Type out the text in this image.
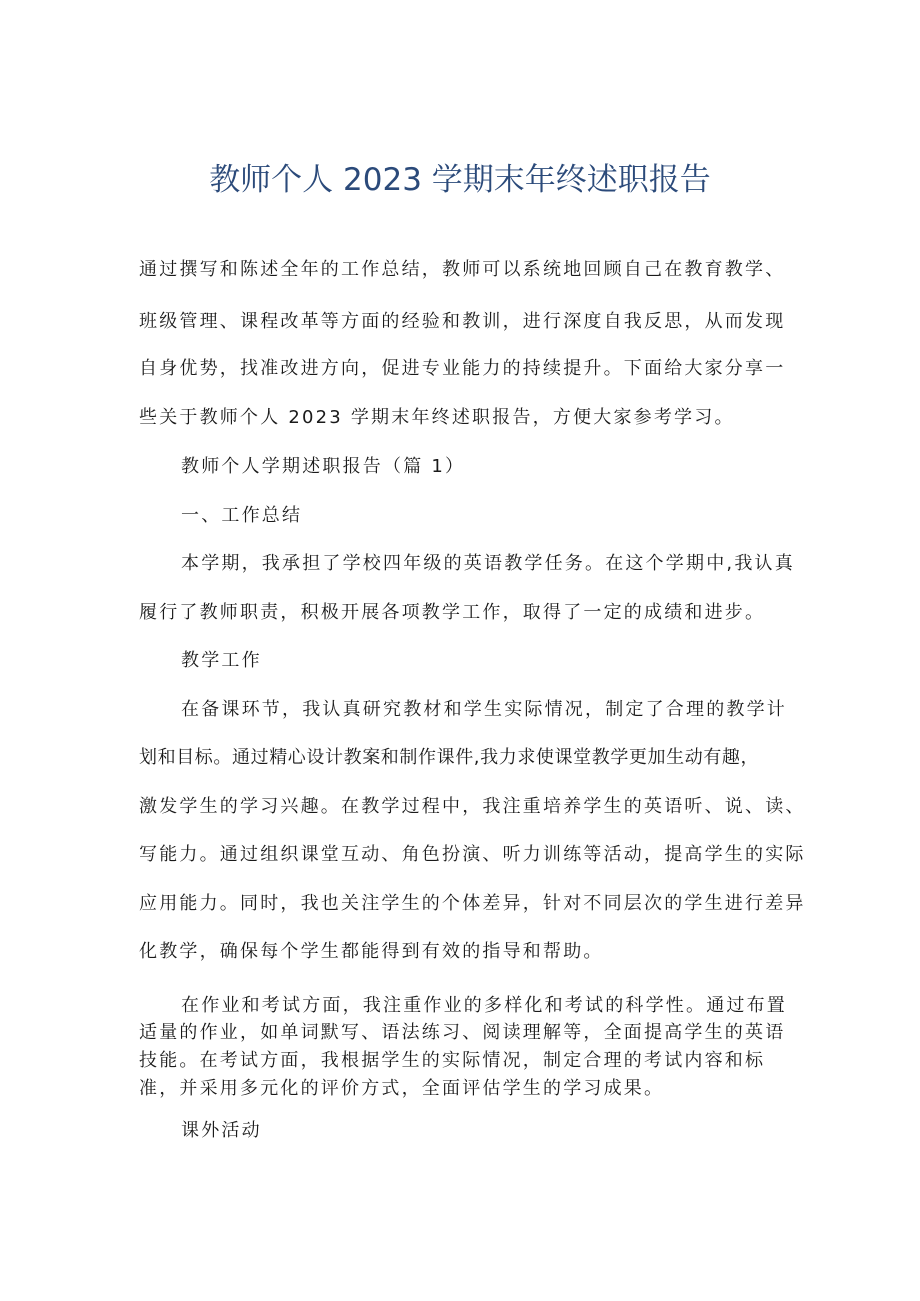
教师个人 2023 学期末年终述职报告
通过撰写和陈述全年的工作总结，教师可以系统地回顾自己在教育教学、
班级管理、课程改革等方面的经验和教训，进行深度自我反思，从而发现
自身优势，找准改进方向，促进专业能力的持续提升。下面给大家分享一
些关于教师个人 2023 学期末年终述职报告，方便大家参考学习。
教师个人学期述职报告（篇 1）
一、工作总结
本学期，我承担了学校四年级的英语教学任务。在这个学期中,我认真
履行了教师职责，积极开展各项教学工作，取得了一定的成绩和进步。
教学工作
在备课环节，我认真研究教材和学生实际情况，制定了合理的教学计
划和目标。通过精心设计教案和制作课件,我力求使课堂教学更加生动有趣，
激发学生的学习兴趣。在教学过程中，我注重培养学生的英语听、说、读、
写能力。通过组织课堂互动、角色扮演、听力训练等活动，提高学生的实际
应用能力。同时，我也关注学生的个体差异，针对不同层次的学生进行差异
化教学，确保每个学生都能得到有效的指导和帮助。
在作业和考试方面，我注重作业的多样化和考试的科学性。通过布置
适量的作业，如单词默写、语法练习、阅读理解等，全面提高学生的英语
技能。在考试方面，我根据学生的实际情况，制定合理的考试内容和标
准，并采用多元化的评价方式，全面评估学生的学习成果。
课外活动
